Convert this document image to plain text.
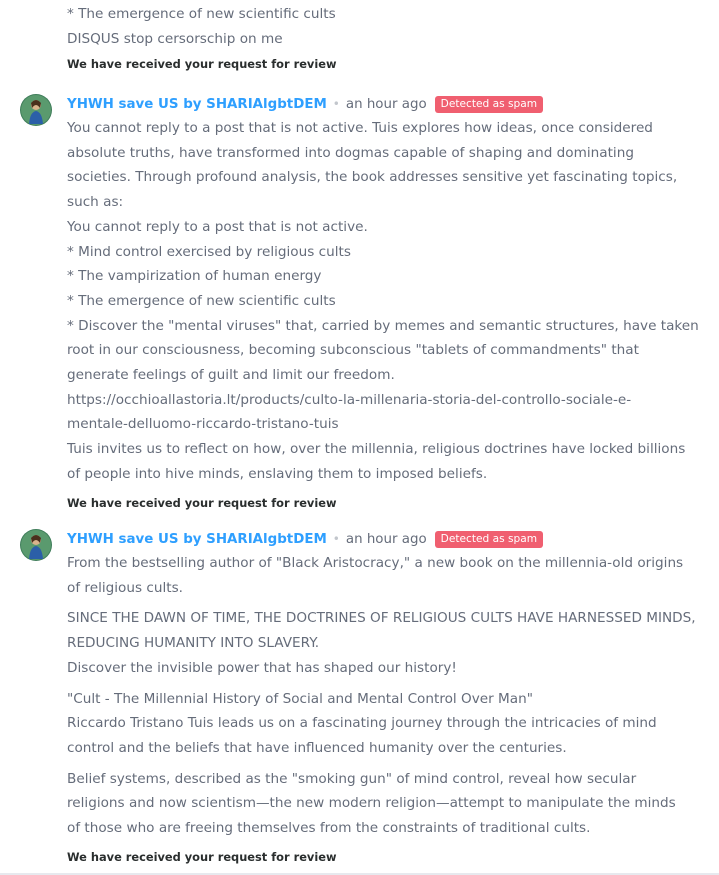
* The emergence of new scientific cults
DISQUS stop cersorschip on me
We have received your request for review
YHWH save US by SHARIAlgbtDEM • an hour ago	Detected as spam
You cannot reply to a post that is not active. Tuis explores how ideas, once considered
absolute truths, have transformed into dogmas capable of shaping and dominating
societies. Through profound analysis, the book addresses sensitive yet fascinating topics,
such as:
You cannot reply to a post that is not active.
* Mind control exercised by religious cults
* The vampirization of human energy
* The emergence of new scientific cults
* Discover the "mental viruses" that, carried by memes and semantic structures, have taken
root in our consciousness, becoming subconscious "tablets of commandments" that
generate feelings of guilt and limit our freedom.
https://occhioallastoria.lt/products/culto-la-millenaria-storia-del-controllo-sociale-e-
mentale-delluomo-riccardo-tristano-tuis
Tuis invites us to reflect on how, over the millennia, religious doctrines have locked billions
of people into hive minds, enslaving them to imposed beliefs.
We have received your request for review
YHWH save US by SHARIAlgbtDEM • an hour ago	Detected as spam
From the bestselling author of "Black Aristocracy," a new book on the millennia-old origins
of religious cults.
SINCE THE DAWN OF TIME, THE DOCTRINES OF RELIGIOUS CULTS HAVE HARNESSED MINDS,
REDUCING HUMANITY INTO SLAVERY.
Discover the invisible power that has shaped our history!
"Cult - The Millennial History of Social and Mental Control Over Man"
Riccardo Tristano Tuis leads us on a fascinating journey through the intricacies of mind
control and the beliefs that have influenced humanity over the centuries.
Belief systems, described as the "smoking gun" of mind control, reveal how secular
religions and now scientism—the new modern religion—attempt to manipulate the minds
of those who are freeing themselves from the constraints of traditional cults.
We have received your request for review
